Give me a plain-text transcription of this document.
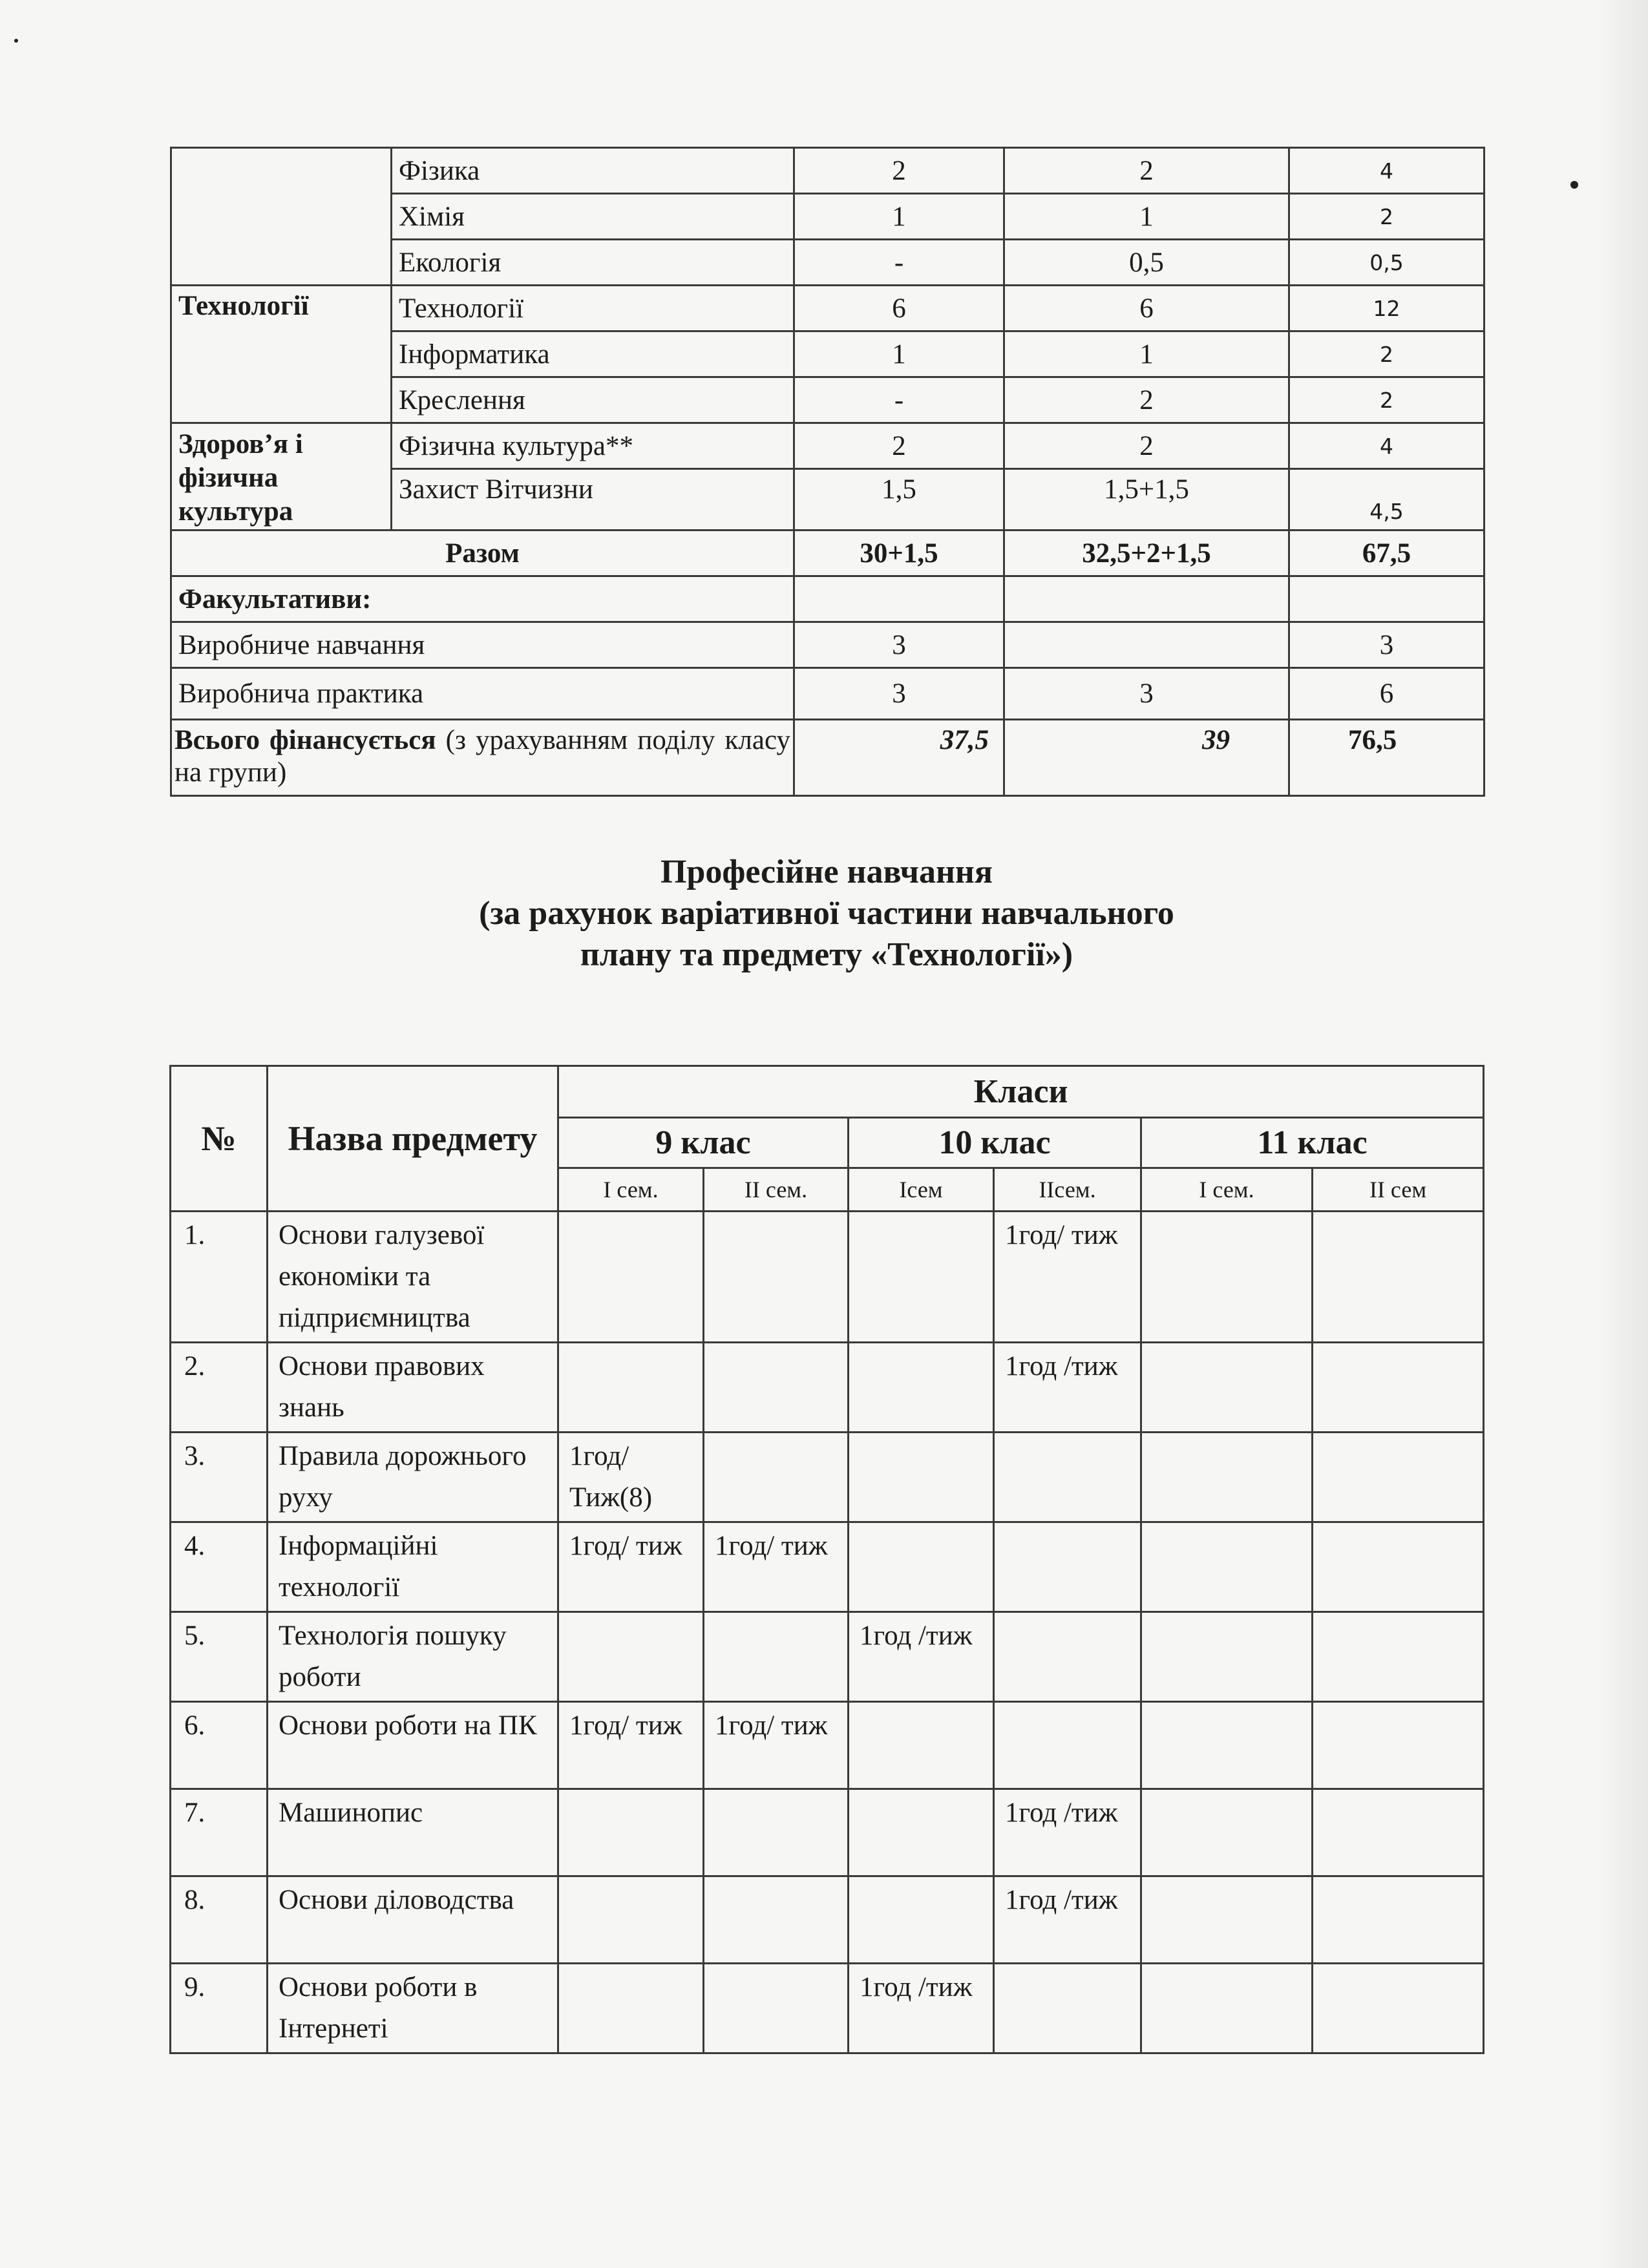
	Фізика	2	2	4
	Хімія	1	1	2
	Екологія	-	0,5	0,5
Технології	Технології	6	6	12
	Інформатика	1	1	2
	Креслення	-	2	2
Здоров’я і фізична культура	Фізична культура**	2	2	4
	Захист Вітчизни	1,5	1,5+1,5	4,5
Разом		30+1,5	32,5+2+1,5	67,5
Факультативи:				
Виробниче навчання		3		3
Виробнича практика		3	3	6
Всього фінансується (з урахуванням поділу класу на групи)		37,5	39	76,5
Професійне навчання
(за рахунок варіативної частини навчального
плану та предмету «Технології»)
№	Назва предмету	Класи					
		9 клас		10 клас		11 клас	
		I сем.	II сем.	Iсем	IIсем.	I сем.	II сем
1.	Основи галузевої економіки та підприємництва				1год/ тиж		
2.	Основи правових знань				1год /тиж		
3.	Правила дорожнього руху	1год/ Тиж(8)					
4.	Інформаційні технології	1год/ тиж	1год/ тиж				
5.	Технологія пошуку роботи			1год /тиж			
6.	Основи роботи на ПК	1год/ тиж	1год/ тиж				
7.	Машинопис				1год /тиж		
8.	Основи діловодства				1год /тиж		
9.	Основи роботи в Інтернеті			1год /тиж			
